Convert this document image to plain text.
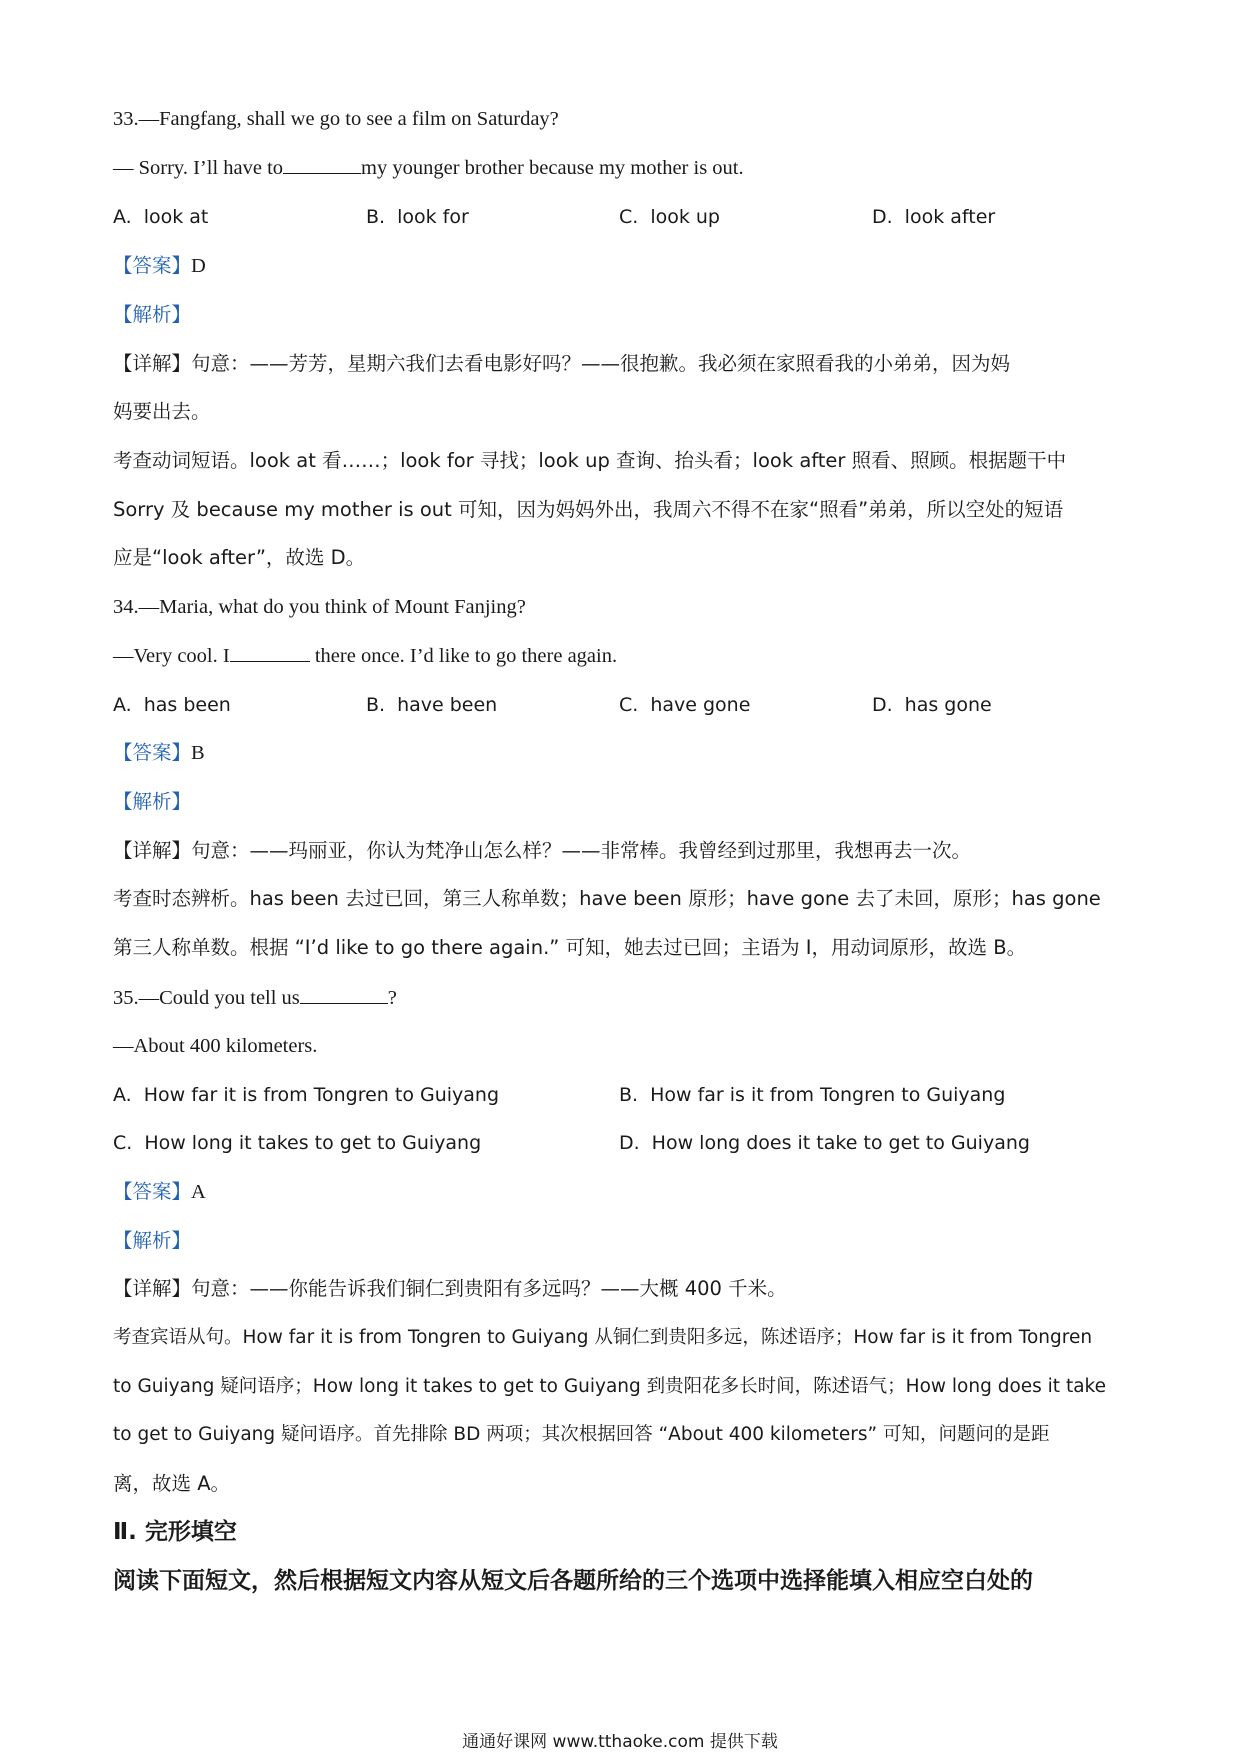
33.—Fangfang, shall we go to see a film on Saturday?
— Sorry. I’ll have to	my younger brother because my mother is out.
A. look at	B. look for	C. look up	D. look after
【答案】D
【解析】
【详解】句意：——芳芳，星期六我们去看电影好吗？——很抱歉。我必须在家照看我的小弟弟，因为妈
妈要出去。
考查动词短语。look at 看……；look for 寻找；look up 查询、抬头看；look after 照看、照顾。根据题干中
Sorry 及 because my mother is out 可知，因为妈妈外出，我周六不得不在家“照看”弟弟，所以空处的短语
应是“look after”，故选 D。
34.—Maria, what do you think of Mount Fanjing?
—Very cool. I	there once. I’d like to go there again.
A. has been	B. have been	C. have gone	D. has gone
【答案】B
【解析】
【详解】句意：——玛丽亚，你认为梵净山怎么样？——非常棒。我曾经到过那里，我想再去一次。
考查时态辨析。has been 去过已回，第三人称单数；have been 原形；have gone 去了未回，原形；has gone
第三人称单数。根据 “I’d like to go there again.” 可知，她去过已回；主语为 I，用动词原形，故选 B。
35.—Could you tell us	?
—About 400 kilometers.
A. How far it is from Tongren to Guiyang	B. How far is it from Tongren to Guiyang
C. How long it takes to get to Guiyang	D. How long does it take to get to Guiyang
【答案】A
【解析】
【详解】句意：——你能告诉我们铜仁到贵阳有多远吗？——大概 400 千米。
考查宾语从句。How far it is from Tongren to Guiyang 从铜仁到贵阳多远，陈述语序；How far is it from Tongren
to Guiyang 疑问语序；How long it takes to get to Guiyang 到贵阳花多长时间，陈述语气；How long does it take
to get to Guiyang 疑问语序。首先排除 BD 两项；其次根据回答 “About 400 kilometers” 可知，问题问的是距
离，故选 A。
Ⅱ. 完形填空
阅读下面短文，然后根据短文内容从短文后各题所给的三个选项中选择能填入相应空白处的
通通好课网 www.tthaoke.com 提供下载
